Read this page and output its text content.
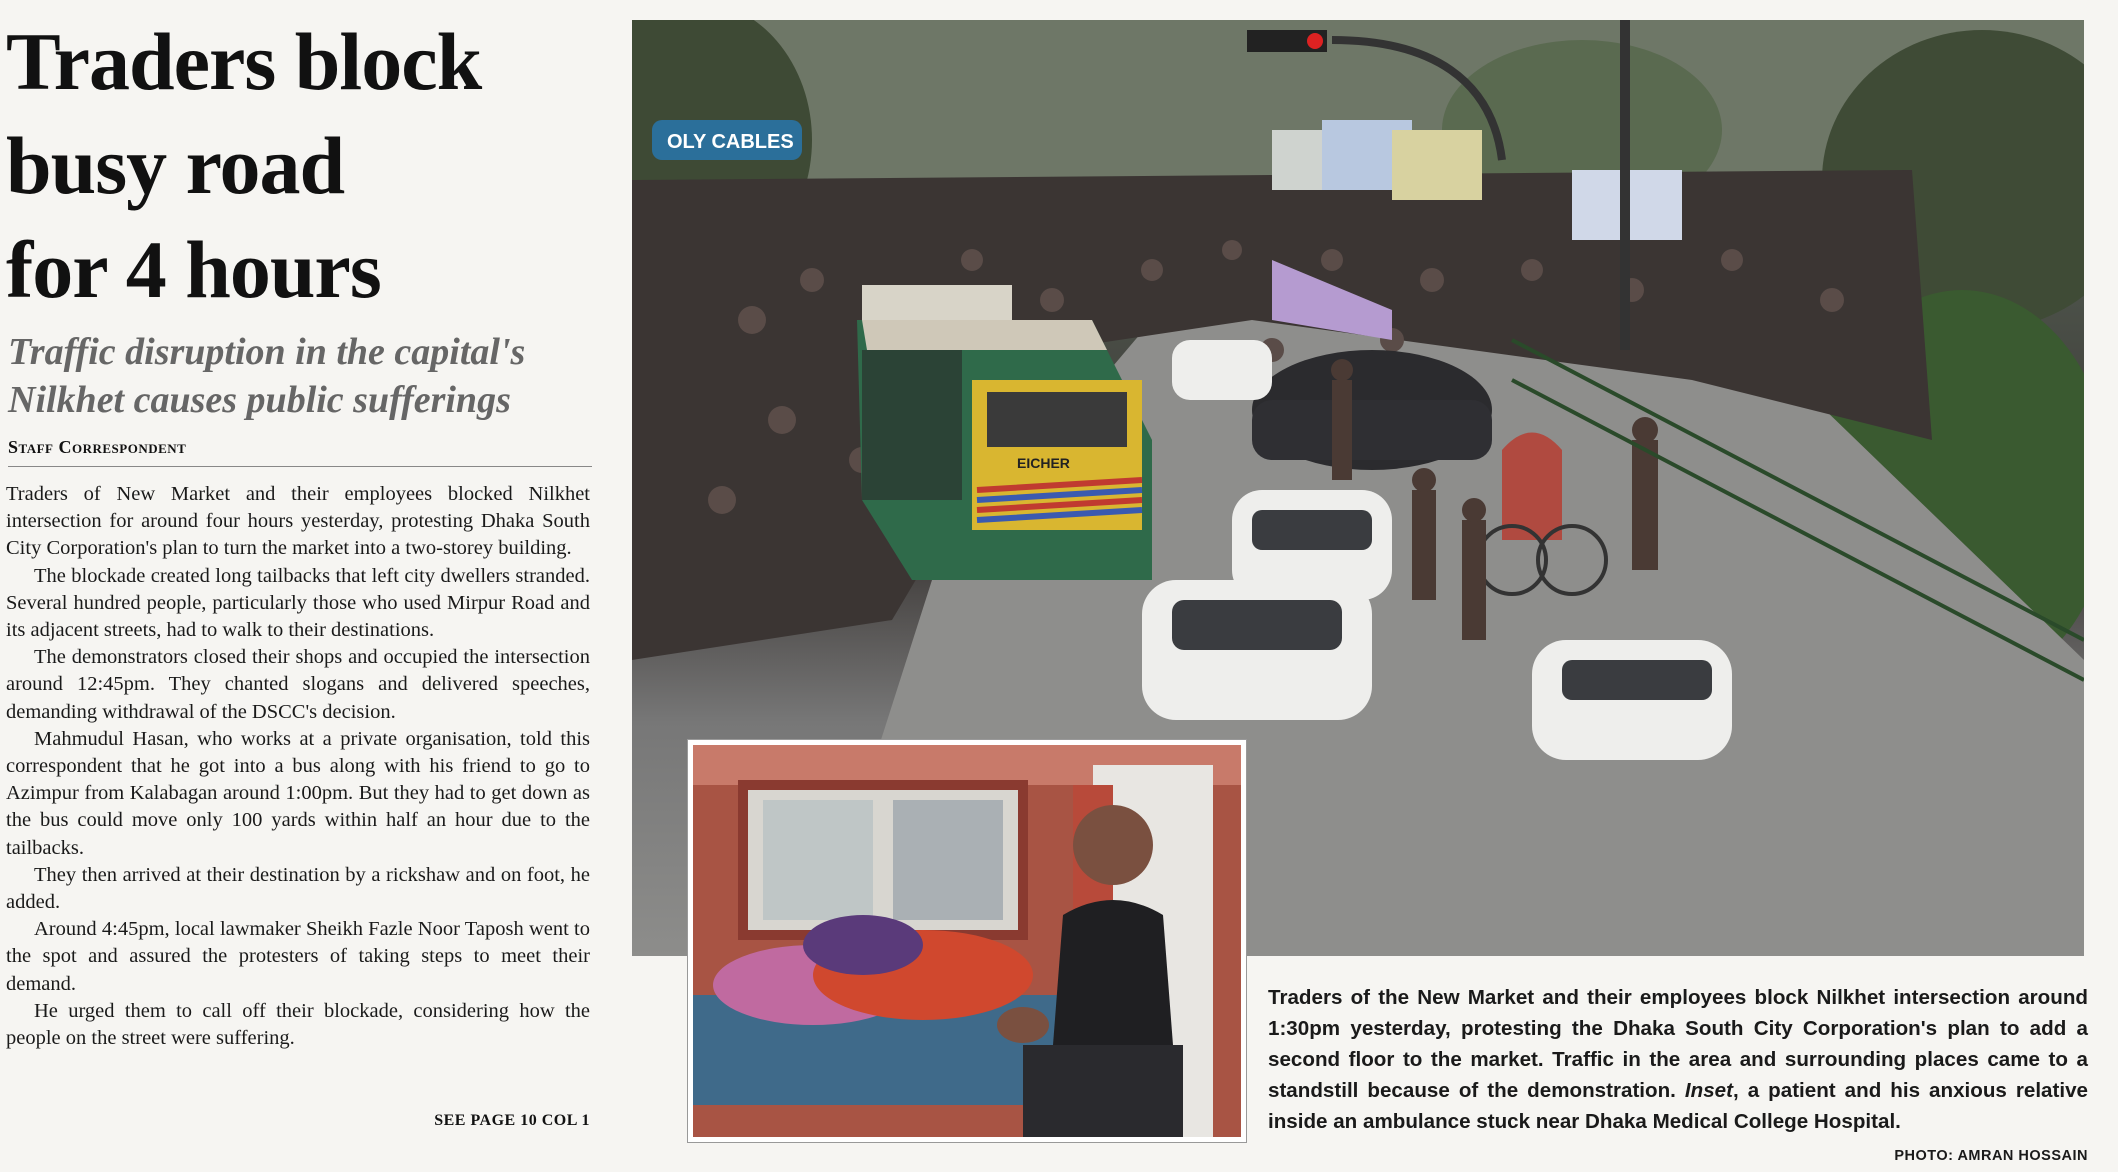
Traders block
busy road
for 4 hours
Traffic disruption in the capital's
Nilkhet causes public sufferings
Staff Correspondent

Traders of New Market and their employees blocked Nilkhet intersection for around four hours yesterday, protesting Dhaka South City Corporation's plan to turn the market into a two-storey building.

The blockade created long tailbacks that left city dwellers stranded. Several hundred people, particularly those who used Mirpur Road and its adjacent streets, had to walk to their destinations.

The demonstrators closed their shops and occupied the intersection around 12:45pm. They chanted slogans and delivered speeches, demanding withdrawal of the DSCC's decision.

Mahmudul Hasan, who works at a private organisation, told this correspondent that he got into a bus along with his friend to go to Azimpur from Kalabagan around 1:00pm. But they had to get down as the bus could move only 100 yards within half an hour due to the tailbacks.

They then arrived at their destination by a rickshaw and on foot, he added.

Around 4:45pm, local lawmaker Sheikh Fazle Noor Taposh went to the spot and assured the protesters of taking steps to meet their demand.

He urged them to call off their blockade, considering how the people on the street were suffering.

SEE PAGE 10 COL 1
OLY CABLES
EICHER
Traders of the New Market and their employees block Nilkhet intersection around 1:30pm yesterday, protesting the Dhaka South City Corporation's plan to add a second floor to the market. Traffic in the area and surrounding places came to a standstill because of the demonstration. Inset, a patient and his anxious relative inside an ambulance stuck near Dhaka Medical College Hospital.
PHOTO: AMRAN HOSSAIN
